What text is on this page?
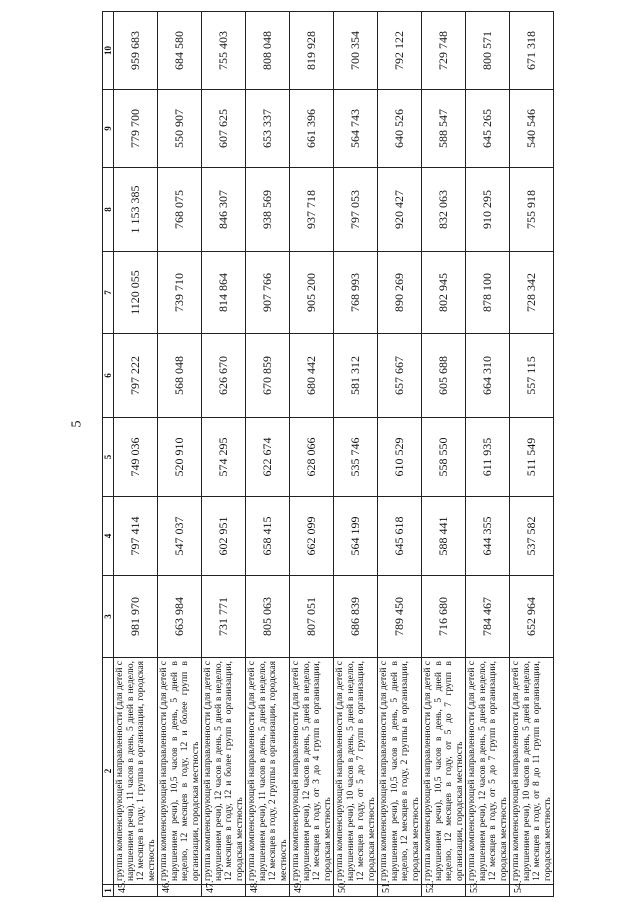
5
1	2	3	4	5	6	7	8	9	10
45.	группа компенсирующей направленности (для детей с нарушением речи), 11 часов в день, 5 дней в неделю, 12 месяцев в году, 1 группа в организации, городская местность	981 970	797 414	749 036	797 222	1120 055	1 153 385	779 700	959 683
46.	группа компенсирующей направленности (для детей с нарушением речи), 10,5 часов в день, 5 дней в неделю, 12 месяцев в году, 12 и более групп в организации, городская местность	663 984	547 037	520 910	568 048	739 710	768 075	550 907	684 580
47.	группа компенсирующей направленности (для детей с нарушением речи), 12 часов в день, 5 дней в неделю, 12 месяцев в году, 12 и более групп в организации, городская местность	731 771	602 951	574 295	626 670	814 864	846 307	607 625	755 403
48.	группа компенсирующей направленности (для детей с нарушением речи), 11 часов в день, 5 дней в неделю, 12 месяцев в году, 2 группы в организации, городская местность	805 063	658 415	622 674	670 859	907 766	938 569	653 337	808 048
49.	группа компенсирующей направленности (для детей с нарушением речи), 12 часов в день, 5 дней в неделю, 12 месяцев в году, от 3 до 4 групп в организации, городская местность	807 051	662 099	628 066	680 442	905 200	937 718	661 396	819 928
50.	группа компенсирующей направленности (для детей с нарушением речи), 10 часов в день, 5 дней в неделю, 12 месяцев в году, от 5 до 7 групп в организации, городская местность	686 839	564 199	535 746	581 312	768 993	797 053	564 743	700 354
51.	группа компенсирующей направленности (для детей с нарушением речи), 10,5 часов в день, 5 дней в неделю, 12 месяцев в году, 2 группы в организации, городская местность	789 450	645 618	610 529	657 667	890 269	920 427	640 526	792 122
52.	группа компенсирующей направленности (для детей с нарушением речи), 10,5 часов в день, 5 дней в неделю, 12 месяцев в году, от 5 до 7 групп в организации, городская местность	716 680	588 441	558 550	605 688	802 945	832 063	588 547	729 748
53.	группа компенсирующей направленности (для детей с нарушением речи), 12 часов в день, 5 дней в неделю, 12 месяцев в году, от 5 до 7 групп в организации, городская местность	784 467	644 355	611 935	664 310	878 100	910 295	645 265	800 571
54.	группа компенсирующей направленности (для детей с нарушением речи), 10 часов в день, 5 дней в неделю, 12 месяцев в году, от 8 до 11 групп в организации, городская местность	652 964	537 582	511 549	557 115	728 342	755 918	540 546	671 318
